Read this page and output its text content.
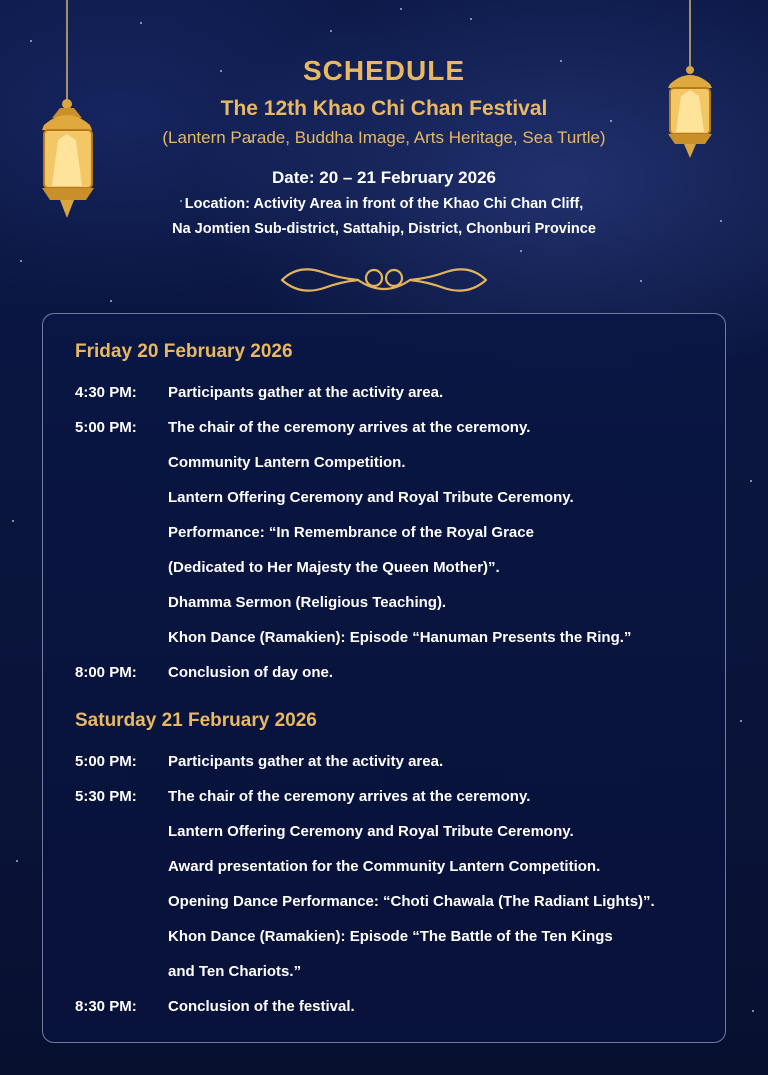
SCHEDULE
The 12th Khao Chi Chan Festival
(Lantern Parade, Buddha Image, Arts Heritage, Sea Turtle)
Date: 20 – 21 February 2026
Location: Activity Area in front of the Khao Chi Chan Cliff,
Na Jomtien Sub-district, Sattahip, District, Chonburi Province
Friday 20 February 2026
4:30 PM: Participants gather at the activity area.
5:00 PM: The chair of the ceremony arrives at the ceremony.
Community Lantern Competition.
Lantern Offering Ceremony and Royal Tribute Ceremony.
Performance: “In Remembrance of the Royal Grace
(Dedicated to Her Majesty the Queen Mother)”.
Dhamma Sermon (Religious Teaching).
Khon Dance (Ramakien): Episode “Hanuman Presents the Ring.”
8:00 PM: Conclusion of day one.
Saturday 21 February 2026
5:00 PM: Participants gather at the activity area.
5:30 PM: The chair of the ceremony arrives at the ceremony.
Lantern Offering Ceremony and Royal Tribute Ceremony.
Award presentation for the Community Lantern Competition.
Opening Dance Performance: “Choti Chawala (The Radiant Lights)”.
Khon Dance (Ramakien): Episode “The Battle of the Ten Kings
and Ten Chariots.”
8:30 PM: Conclusion of the festival.
